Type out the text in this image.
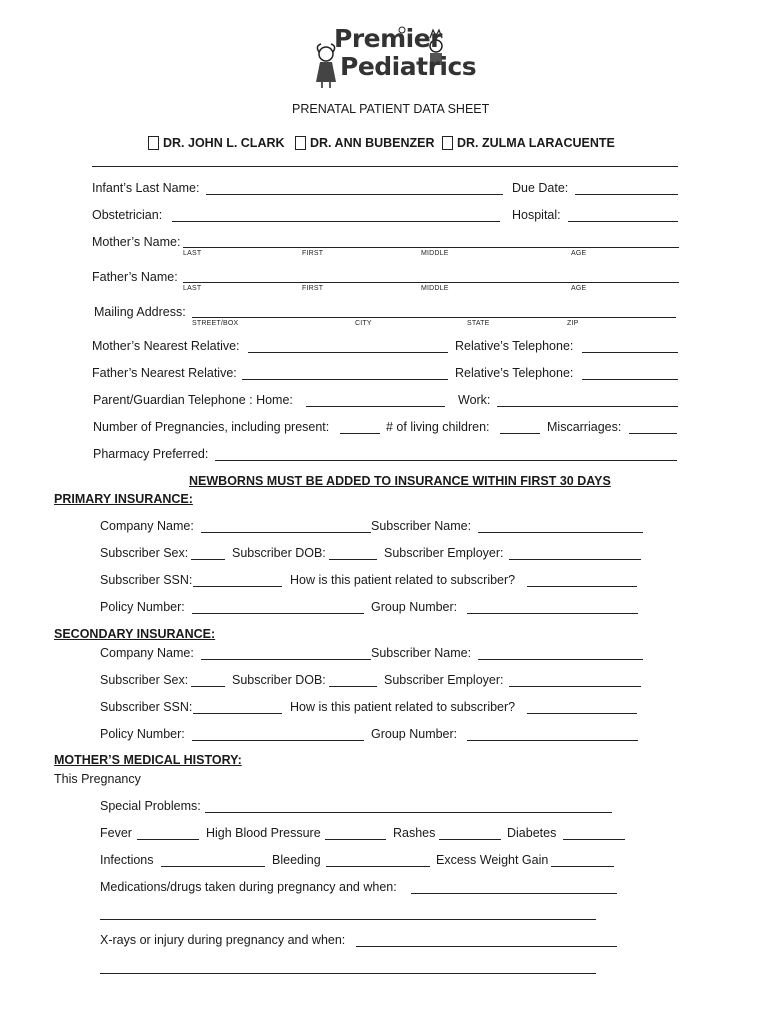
Premier
Pediatrics
PRENATAL PATIENT DATA SHEET
DR. JOHN L. CLARK	DR. ANN BUBENZER	DR. ZULMA LARACUENTE
Infant’s Last Name:	Due Date:
Obstetrician:	Hospital:
Mother’s Name:
LAST	FIRST	MIDDLE	AGE
Father’s Name:
LAST	FIRST	MIDDLE	AGE
Mailing Address:
STREET/BOX	CITY	STATE	ZIP
Mother’s Nearest Relative:	Relative’s Telephone:
Father’s Nearest Relative:	Relative’s Telephone:
Parent/Guardian Telephone : Home:	Work:
Number of Pregnancies, including present:	# of living children:	Miscarriages:
Pharmacy Preferred:
NEWBORNS MUST BE ADDED TO INSURANCE WITHIN FIRST 30 DAYS
PRIMARY INSURANCE:
Company Name:	Subscriber Name:
Subscriber Sex:	Subscriber DOB:	Subscriber Employer:
Subscriber SSN:	How is this patient related to subscriber?
Policy Number:	Group Number:
SECONDARY INSURANCE:
Company Name:	Subscriber Name:
Subscriber Sex:	Subscriber DOB:	Subscriber Employer:
Subscriber SSN:	How is this patient related to subscriber?
Policy Number:	Group Number:
MOTHER’S MEDICAL HISTORY:
This Pregnancy
Special Problems:
Fever	High Blood Pressure	Rashes	Diabetes
Infections	Bleeding	Excess Weight Gain
Medications/drugs taken during pregnancy and when:
X-rays or injury during pregnancy and when:
